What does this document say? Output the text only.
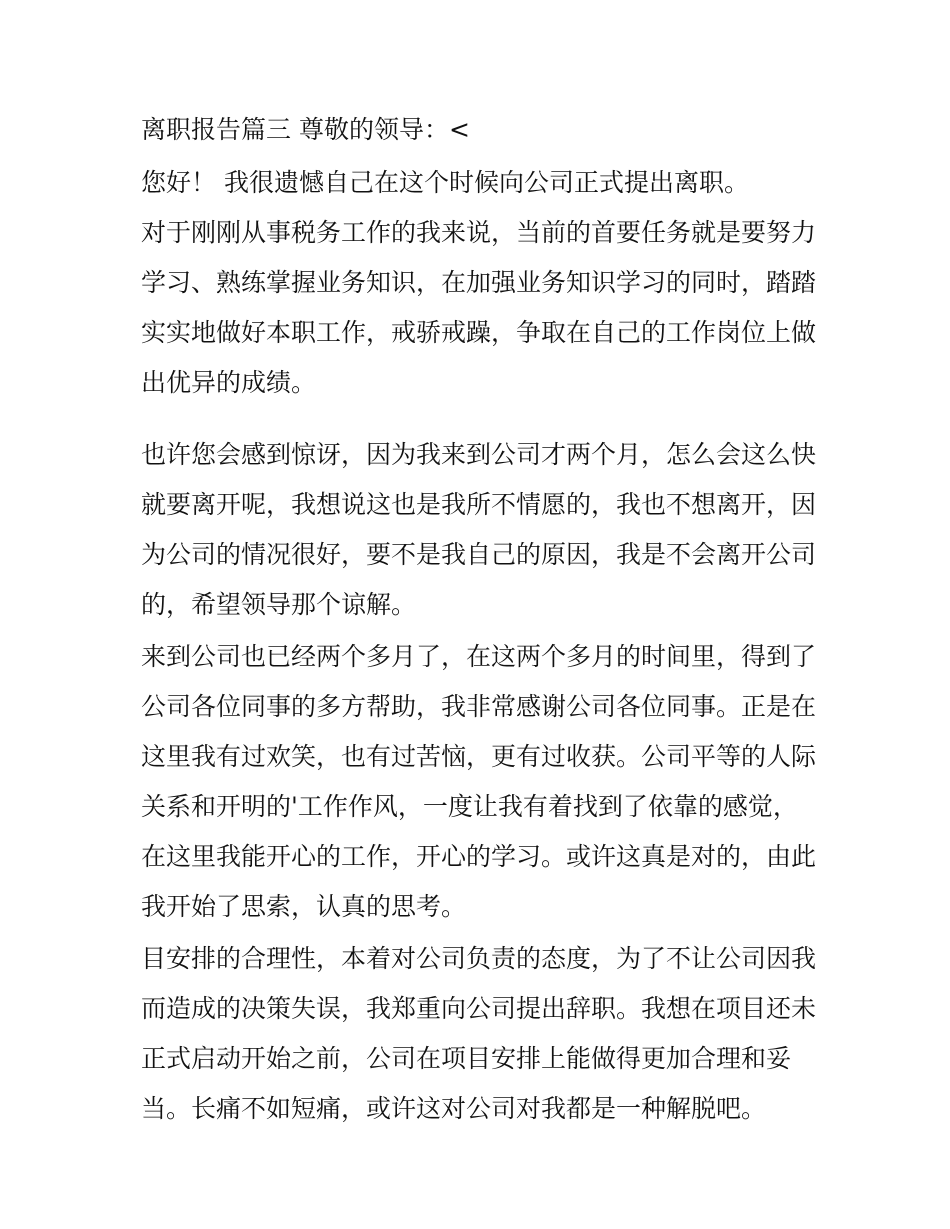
离职报告篇三 尊敬的领导：<
您好！ 我很遗憾自己在这个时候向公司正式提出离职。
对于刚刚从事税务工作的我来说，当前的首要任务就是要努力
学习、熟练掌握业务知识，在加强业务知识学习的同时，踏踏
实实地做好本职工作，戒骄戒躁，争取在自己的工作岗位上做
出优异的成绩。
也许您会感到惊讶，因为我来到公司才两个月，怎么会这么快
就要离开呢，我想说这也是我所不情愿的，我也不想离开，因
为公司的情况很好，要不是我自己的原因，我是不会离开公司
的，希望领导那个谅解。
来到公司也已经两个多月了，在这两个多月的时间里，得到了
公司各位同事的多方帮助，我非常感谢公司各位同事。正是在
这里我有过欢笑，也有过苦恼，更有过收获。公司平等的人际
关系和开明的'工作作风，一度让我有着找到了依靠的感觉，
在这里我能开心的工作，开心的学习。或许这真是对的，由此
我开始了思索，认真的思考。
目安排的合理性，本着对公司负责的态度，为了不让公司因我
而造成的决策失误，我郑重向公司提出辞职。我想在项目还未
正式启动开始之前，公司在项目安排上能做得更加合理和妥
当。长痛不如短痛，或许这对公司对我都是一种解脱吧。
